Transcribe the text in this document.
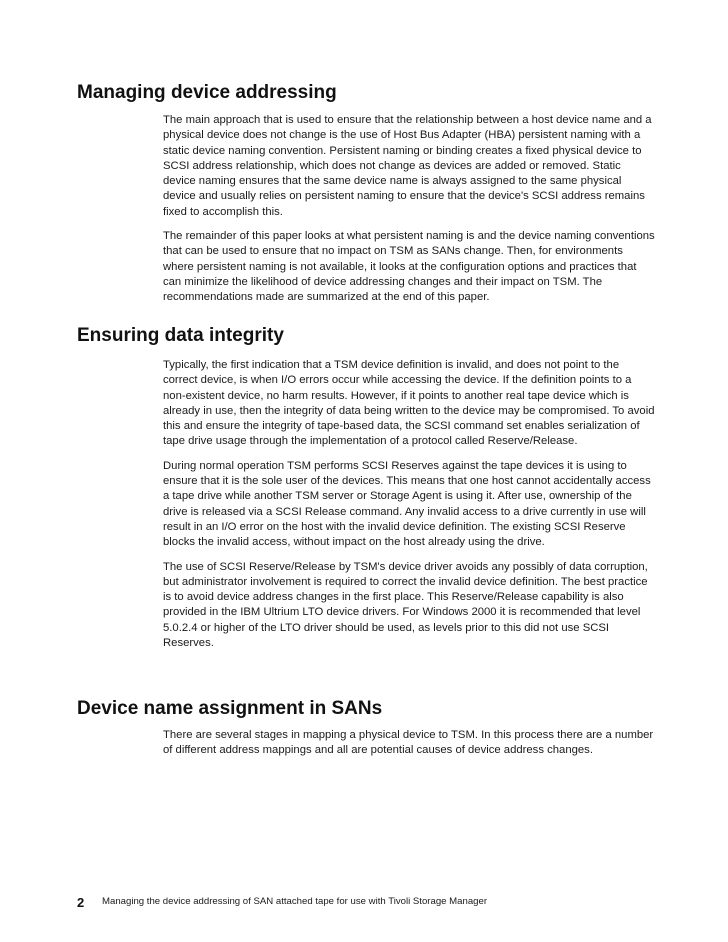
Managing device addressing

The main approach that is used to ensure that the relationship between a host device name and a physical device does not change is the use of Host Bus Adapter (HBA) persistent naming with a static device naming convention. Persistent naming or binding creates a fixed physical device to SCSI address relationship, which does not change as devices are added or removed. Static device naming ensures that the same device name is always assigned to the same physical device and usually relies on persistent naming to ensure that the device's SCSI address remains fixed to accomplish this.

The remainder of this paper looks at what persistent naming is and the device naming conventions that can be used to ensure that no impact on TSM as SANs change. Then, for environments where persistent naming is not available, it looks at the configuration options and practices that can minimize the likelihood of device addressing changes and their impact on TSM. The recommendations made are summarized at the end of this paper.

Ensuring data integrity

Typically, the first indication that a TSM device definition is invalid, and does not point to the correct device, is when I/O errors occur while accessing the device. If the definition points to a non-existent device, no harm results. However, if it points to another real tape device which is already in use, then the integrity of data being written to the device may be compromised. To avoid this and ensure the integrity of tape-based data, the SCSI command set enables serialization of tape drive usage through the implementation of a protocol called Reserve/Release.

During normal operation TSM performs SCSI Reserves against the tape devices it is using to ensure that it is the sole user of the devices. This means that one host cannot accidentally access a tape drive while another TSM server or Storage Agent is using it. After use, ownership of the drive is released via a SCSI Release command. Any invalid access to a drive currently in use will result in an I/O error on the host with the invalid device definition. The existing SCSI Reserve blocks the invalid access, without impact on the host already using the drive.

The use of SCSI Reserve/Release by TSM's device driver avoids any possibly of data corruption, but administrator involvement is required to correct the invalid device definition. The best practice is to avoid device address changes in the first place. This Reserve/Release capability is also provided in the IBM Ultrium LTO device drivers. For Windows 2000 it is recommended that level 5.0.2.4 or higher of the LTO driver should be used, as levels prior to this did not use SCSI Reserves.

Device name assignment in SANs

There are several stages in mapping a physical device to TSM. In this process there are a number of different address mappings and all are potential causes of device address changes.

2 Managing the device addressing of SAN attached tape for use with Tivoli Storage Manager
